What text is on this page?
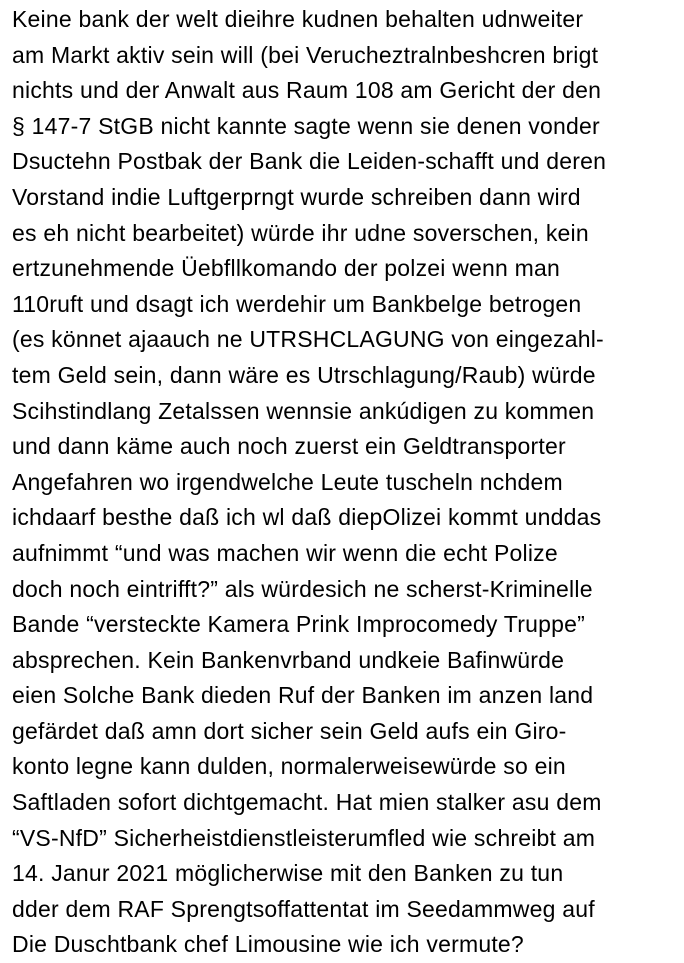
Keine bank der welt dieihre kudnen behalten udnweiter
am Markt aktiv sein will (bei Verucheztralnbeshcren brigt
nichts und der Anwalt aus Raum 108 am Gericht der den
§ 147-7 StGB nicht kannte sagte wenn sie denen vonder
Dsuctehn Postbak der Bank die Leiden-schafft und deren
Vorstand indie Luftgerprngt wurde schreiben dann wird
es eh nicht bearbeitet) würde ihr udne soverschen, kein
ertzunehmende Üebfllkomando der polzei wenn man
110ruft und dsagt ich werdehir um Bankbelge betrogen
(es könnet ajaauch ne UTRSHCLAGUNG von eingezahl-
tem Geld sein, dann wäre es Utrschlagung/Raub) würde
Scihstindlang Zetalssen wennsie ankúdigen zu kommen
und dann käme auch noch zuerst ein Geldtransporter
Angefahren wo irgendwelche Leute tuscheln nchdem
ichdaarf besthe daß ich wl daß diepOlizei kommt unddas
aufnimmt “und was machen wir wenn die echt Polize
doch noch eintrifft?” als würdesich ne scherst-Kriminelle
Bande “versteckte Kamera Prink Improcomedy Truppe”
absprechen. Kein Bankenvrband undkeie Bafinwürde
eien Solche Bank dieden Ruf der Banken im anzen land
gefärdet daß amn dort sicher sein Geld aufs ein Giro-
konto legne kann dulden, normalerweisewürde so ein
Saftladen sofort dichtgemacht. Hat mien stalker asu dem
“VS-NfD” Sicherheistdienstleisterumfled wie schreibt am
14. Janur 2021 möglicherwise mit den Banken zu tun
dder dem RAF Sprengtsoffattentat im Seedammweg auf
Die Duschtbank chef Limousine wie ich vermute?
